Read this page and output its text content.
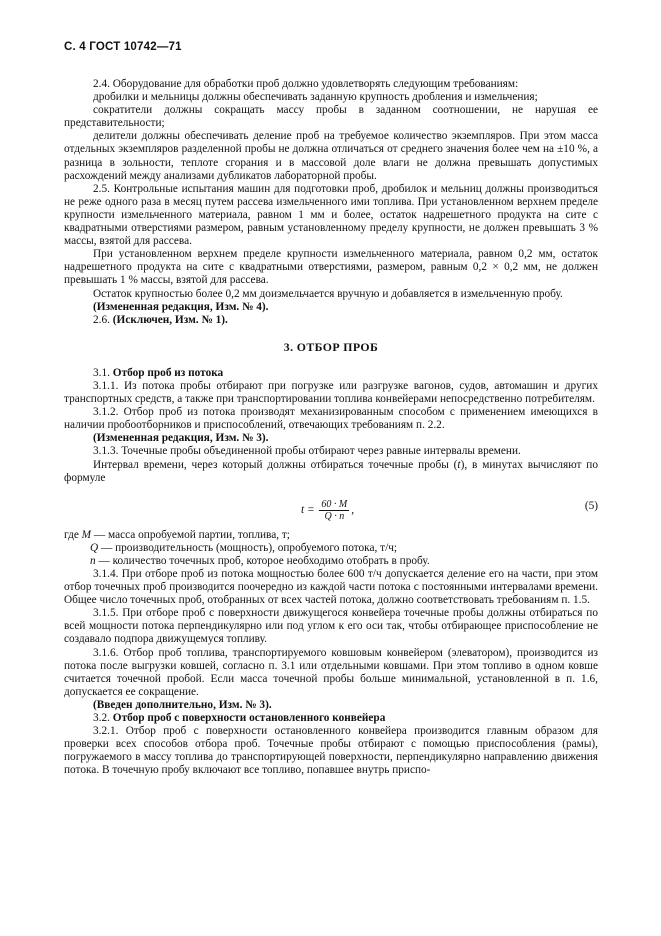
С. 4 ГОСТ 10742—71

2.4. Оборудование для обработки проб должно удовлетворять следующим требованиям:

дробилки и мельницы должны обеспечивать заданную крупность дробления и измельчения;

сократители должны сокращать массу пробы в заданном соотношении, не нарушая ее представительности;

делители должны обеспечивать деление проб на требуемое количество экземпляров. При этом масса отдельных экземпляров разделенной пробы не должна отличаться от среднего значения более чем на ±10 %, а разница в зольности, теплоте сгорания и в массовой доле влаги не должна превышать допустимых расхождений между анализами дубликатов лабораторной пробы.

2.5. Контрольные испытания машин для подготовки проб, дробилок и мельниц должны производиться не реже одного раза в месяц путем рассева измельченного ими топлива. При установленном верхнем пределе крупности измельченного материала, равном 1 мм и более, остаток надрешетного продукта на сите с квадратными отверстиями размером, равным установленному пределу крупности, не должен превышать 3 % массы, взятой для рассева.

При установленном верхнем пределе крупности измельченного материала, равном 0,2 мм, остаток надрешетного продукта на сите с квадратными отверстиями, размером, равным 0,2 × 0,2 мм, не должен превышать 1 % массы, взятой для рассева.

Остаток крупностью более 0,2 мм доизмельчается вручную и добавляется в измельченную пробу.

(Измененная редакция, Изм. № 4).

2.6. (Исключен, Изм. № 1).

3. ОТБОР ПРОБ

3.1. Отбор проб из потока

3.1.1. Из потока пробы отбирают при погрузке или разгрузке вагонов, судов, автомашин и других транспортных средств, а также при транспортировании топлива конвейерами непосредственно потребителям.

3.1.2. Отбор проб из потока производят механизированным способом с применением имеющихся в наличии пробоотборников и приспособлений, отвечающих требованиям п. 2.2.

(Измененная редакция, Изм. № 3).

3.1.3. Точечные пробы объединенной пробы отбирают через равные интервалы времени.

Интервал времени, через который должны отбираться точечные пробы (t), в минутах вычисляют по формуле

$t = \frac{60 \cdot M}{Q \cdot n}$ ,	(5)

где M — масса опробуемой партии, топлива, т;

Q — производительность (мощность), опробуемого потока, т/ч;

n — количество точечных проб, которое необходимо отобрать в пробу.

3.1.4. При отборе проб из потока мощностью более 600 т/ч допускается деление его на части, при этом отбор точечных проб производится поочередно из каждой части потока с постоянными интервалами времени. Общее число точечных проб, отобранных от всех частей потока, должно соответствовать требованиям п. 1.5.

3.1.5. При отборе проб с поверхности движущегося конвейера точечные пробы должны отбираться по всей мощности потока перпендикулярно или под углом к его оси так, чтобы отбирающее приспособление не создавало подпора движущемуся топливу.

3.1.6. Отбор проб топлива, транспортируемого ковшовым конвейером (элеватором), производится из потока после выгрузки ковшей, согласно п. 3.1 или отдельными ковшами. При этом топливо в одном ковше считается точечной пробой. Если масса точечной пробы больше минимальной, установленной в п. 1.6, допускается ее сокращение.

(Введен дополнительно, Изм. № 3).

3.2. Отбор проб с поверхности остановленного конвейера

3.2.1. Отбор проб с поверхности остановленного конвейера производится главным образом для проверки всех способов отбора проб. Точечные пробы отбирают с помощью приспособления (рамы), погружаемого в массу топлива до транспортирующей поверхности, перпендикулярно направлению движения потока. В точечную пробу включают все топливо, попавшее внутрь приспо-
